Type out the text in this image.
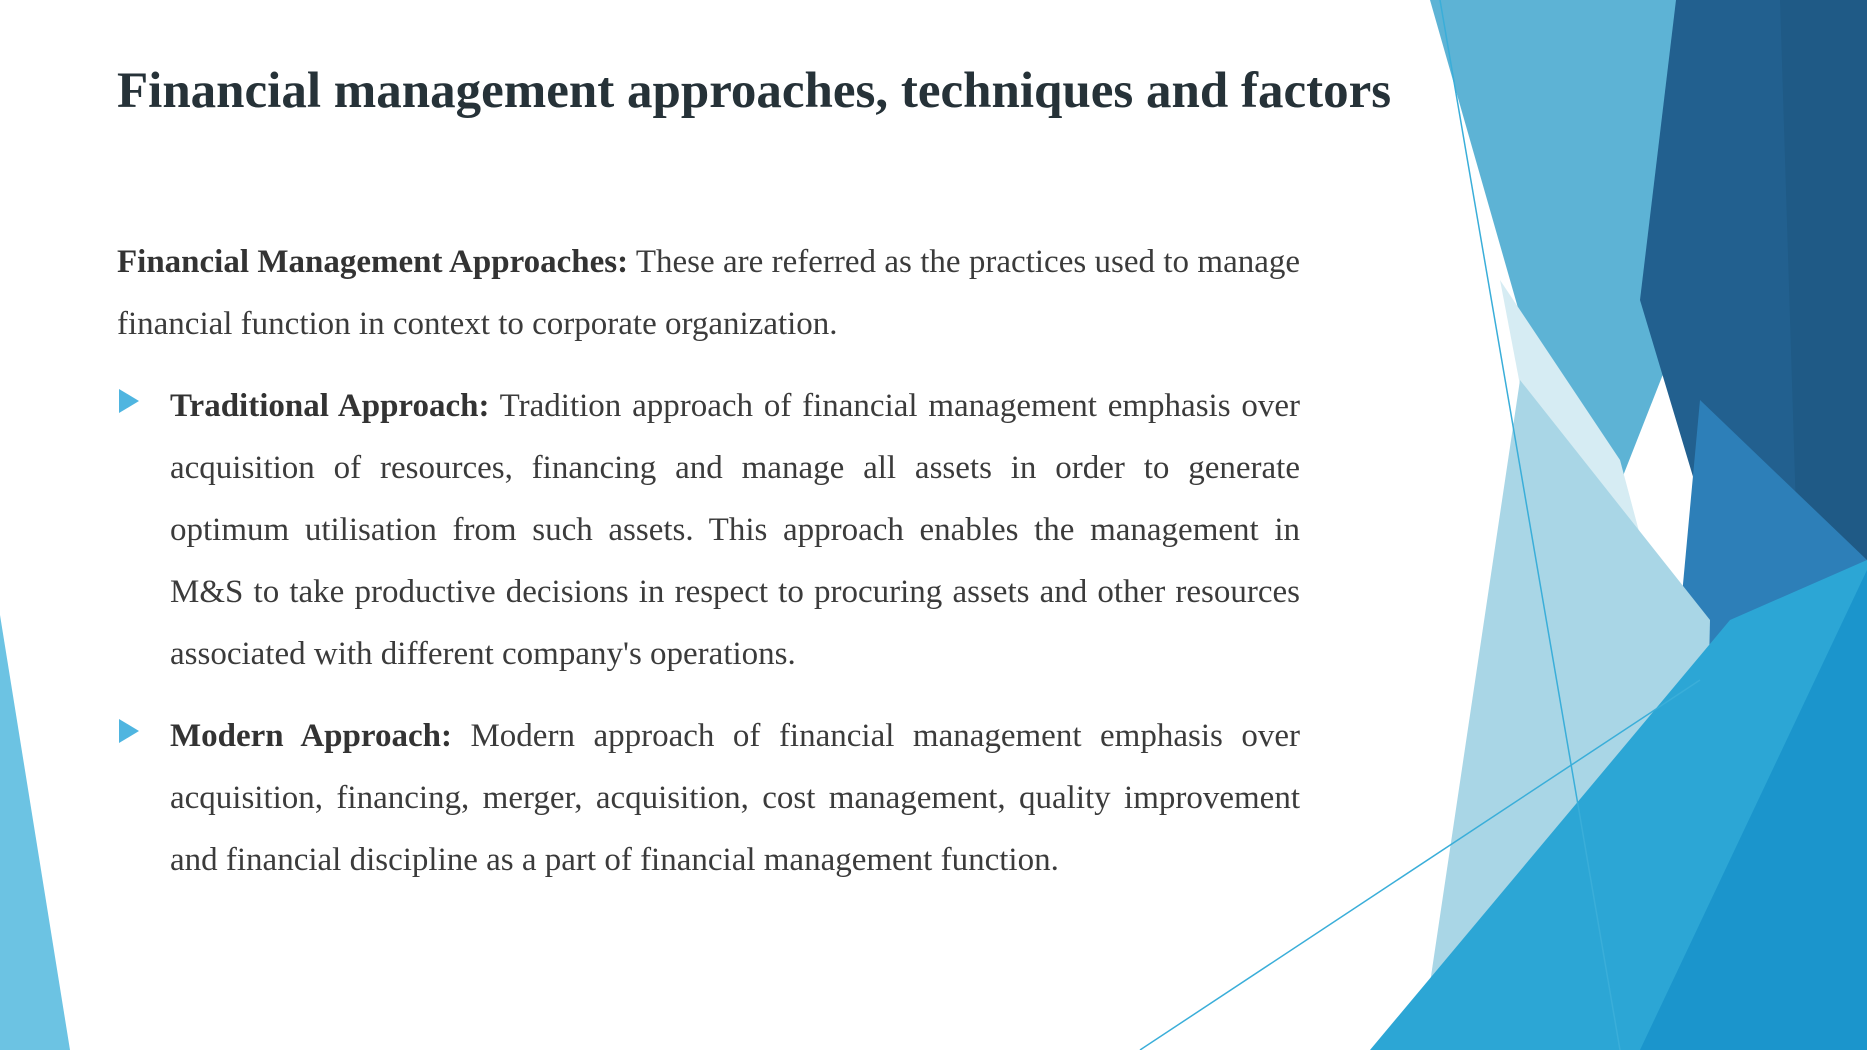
Financial management approaches, techniques and factors

Financial Management Approaches: These are referred as the practices used to manage financial function in context to corporate organization.

Traditional Approach: Tradition approach of financial management emphasis over acquisition of resources, financing and manage all assets in order to generate optimum utilisation from such assets. This approach enables the management in M&S to take productive decisions in respect to procuring assets and other resources associated with different company's operations.
Modern Approach: Modern approach of financial management emphasis over acquisition, financing, merger, acquisition, cost management, quality improvement and financial discipline as a part of financial management function.
